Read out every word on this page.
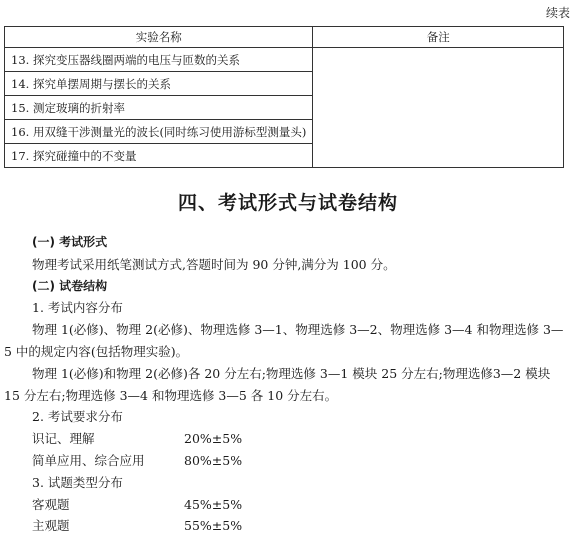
续表
实验名称	备注
13. 探究变压器线圈两端的电压与匝数的关系	
14. 探究单摆周期与摆长的关系	
15. 测定玻璃的折射率	
16. 用双缝干涉测量光的波长(同时练习使用游标型测量头)	
17. 探究碰撞中的不变量	
四、考试形式与试卷结构
(一) 考试形式
物理考试采用纸笔测试方式,答题时间为 90 分钟,满分为 100 分。
(二) 试卷结构
1. 考试内容分布
物理 1(必修)、物理 2(必修)、物理选修 3—1、物理选修 3—2、物理选修 3—4 和物理选修 3—5 中的规定内容(包括物理实验)。
物理 1(必修)和物理 2(必修)各 20 分左右;物理选修 3—1 模块 25 分左右;物理选修3—2 模块 15 分左右;物理选修 3—4 和物理选修 3—5 各 10 分左右。
2. 考试要求分布
识记、理解	20%±5%
简单应用、综合应用	80%±5%
3. 试题类型分布
客观题	45%±5%
主观题	55%±5%
